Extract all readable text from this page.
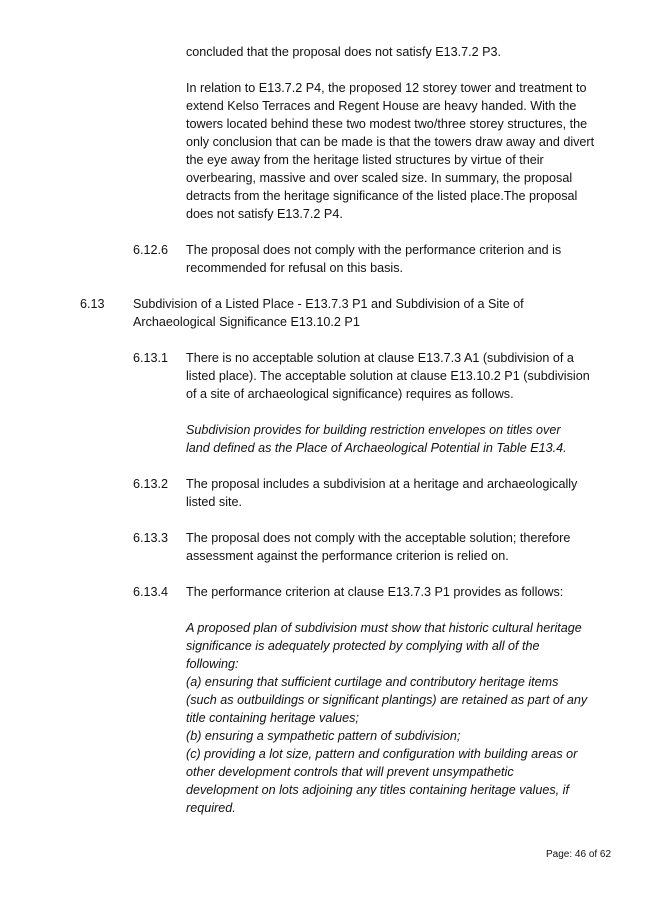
concluded that the proposal does not satisfy E13.7.2 P3.
In relation to E13.7.2 P4, the proposed 12 storey tower and treatment to
extend Kelso Terraces and Regent House are heavy handed. With the
towers located behind these two modest two/three storey structures, the
only conclusion that can be made is that the towers draw away and divert
the eye away from the heritage listed structures by virtue of their
overbearing, massive and over scaled size. In summary, the proposal
detracts from the heritage significance of the listed place.The proposal
does not satisfy E13.7.2 P4.
6.12.6 The proposal does not comply with the performance criterion and is
recommended for refusal on this basis.
6.13 Subdivision of a Listed Place - E13.7.3 P1 and Subdivision of a Site of
Archaeological Significance E13.10.2 P1
6.13.1 There is no acceptable solution at clause E13.7.3 A1 (subdivision of a
listed place). The acceptable solution at clause E13.10.2 P1 (subdivision
of a site of archaeological significance) requires as follows.
Subdivision provides for building restriction envelopes on titles over
land defined as the Place of Archaeological Potential in Table E13.4.
6.13.2 The proposal includes a subdivision at a heritage and archaeologically
listed site.
6.13.3 The proposal does not comply with the acceptable solution; therefore
assessment against the performance criterion is relied on.
6.13.4 The performance criterion at clause E13.7.3 P1 provides as follows:
A proposed plan of subdivision must show that historic cultural heritage
significance is adequately protected by complying with all of the
following:
(a) ensuring that sufficient curtilage and contributory heritage items
(such as outbuildings or significant plantings) are retained as part of any
title containing heritage values;
(b) ensuring a sympathetic pattern of subdivision;
(c) providing a lot size, pattern and configuration with building areas or
other development controls that will prevent unsympathetic
development on lots adjoining any titles containing heritage values, if
required.
Page: 46 of 62
